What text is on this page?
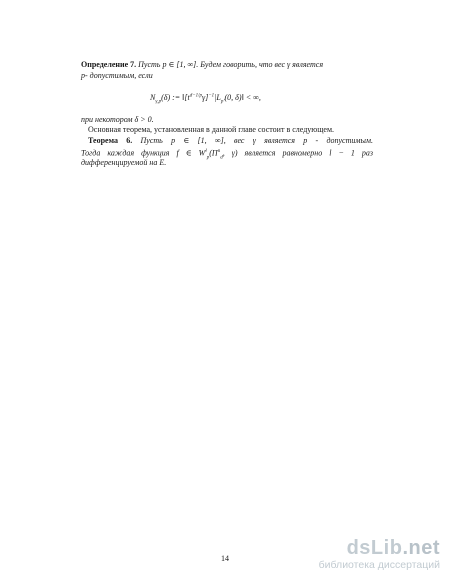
Определение 7. Пусть p ∈ [1, ∞]. Будем говорить, что вес γ является
p- допустимым, если
$N_{\gamma,p}(\delta)$ := $‖[t^{d-1/p}\gamma]^{-1}|L_{p'}(0$, δ)‖ < ∞,
при некотором δ > 0.
Основная теорема, установленная в данной главе состоит в следующем.
Теорема 6. Пусть p ∈ [1, ∞], вес γ является p - допустимым.
Тогда каждая функция f ∈ $W^l_p(\Pi^n_d$, γ) является равномерно l − 1 раз
дифференцируемой на E.
14	dsLib.net
библиотека диссертаций
